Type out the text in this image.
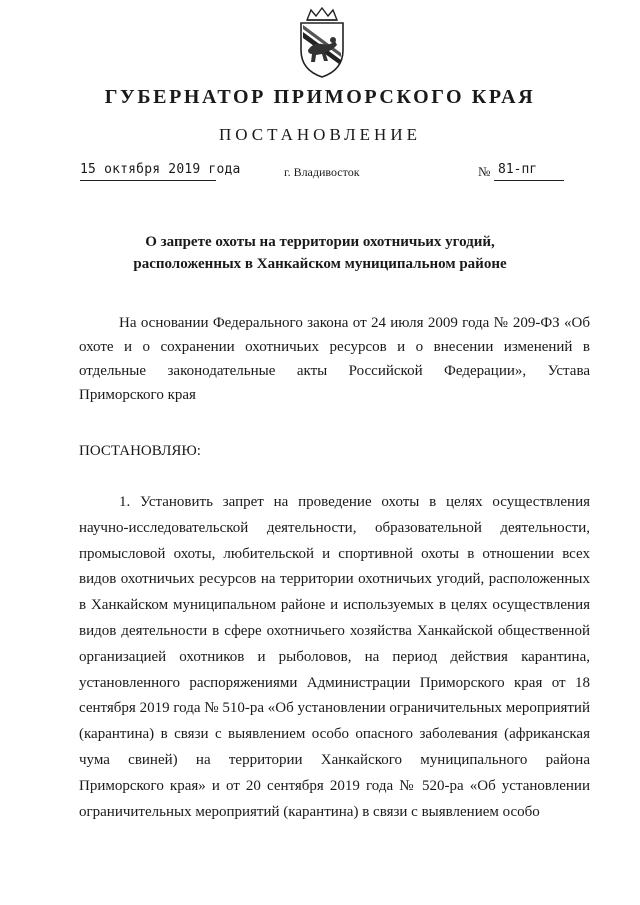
ГУБЕРНАТОР ПРИМОРСКОГО КРАЯ
ПОСТАНОВЛЕНИЕ
15 октября 2019 года	г. Владивосток	№ 81-пг
О запрете охоты на территории охотничьих угодий,
расположенных в Ханкайском муниципальном районе
На основании Федерального закона от 24 июля 2009 года № 209-ФЗ «Об охоте и о сохранении охотничьих ресурсов и о внесении изменений в отдельные законодательные акты Российской Федерации», Устава Приморского края
ПОСТАНОВЛЯЮ:
1. Установить запрет на проведение охоты в целях осуществления научно-исследовательской деятельности, образовательной деятельности, промысловой охоты, любительской и спортивной охоты в отношении всех видов охотничьих ресурсов на территории охотничьих угодий, расположенных в Ханкайском муниципальном районе и используемых в целях осуществления видов деятельности в сфере охотничьего хозяйства Ханкайской общественной организацией охотников и рыболовов, на период действия карантина, установленного распоряжениями Администрации Приморского края от 18 сентября 2019 года № 510-ра «Об установлении ограничительных мероприятий (карантина) в связи с выявлением особо опасного заболевания (африканская чума свиней) на территории Ханкайского муниципального района Приморского края» и от 20 сентября 2019 года № 520-ра «Об установлении ограничительных мероприятий (карантина) в связи с выявлением особо
